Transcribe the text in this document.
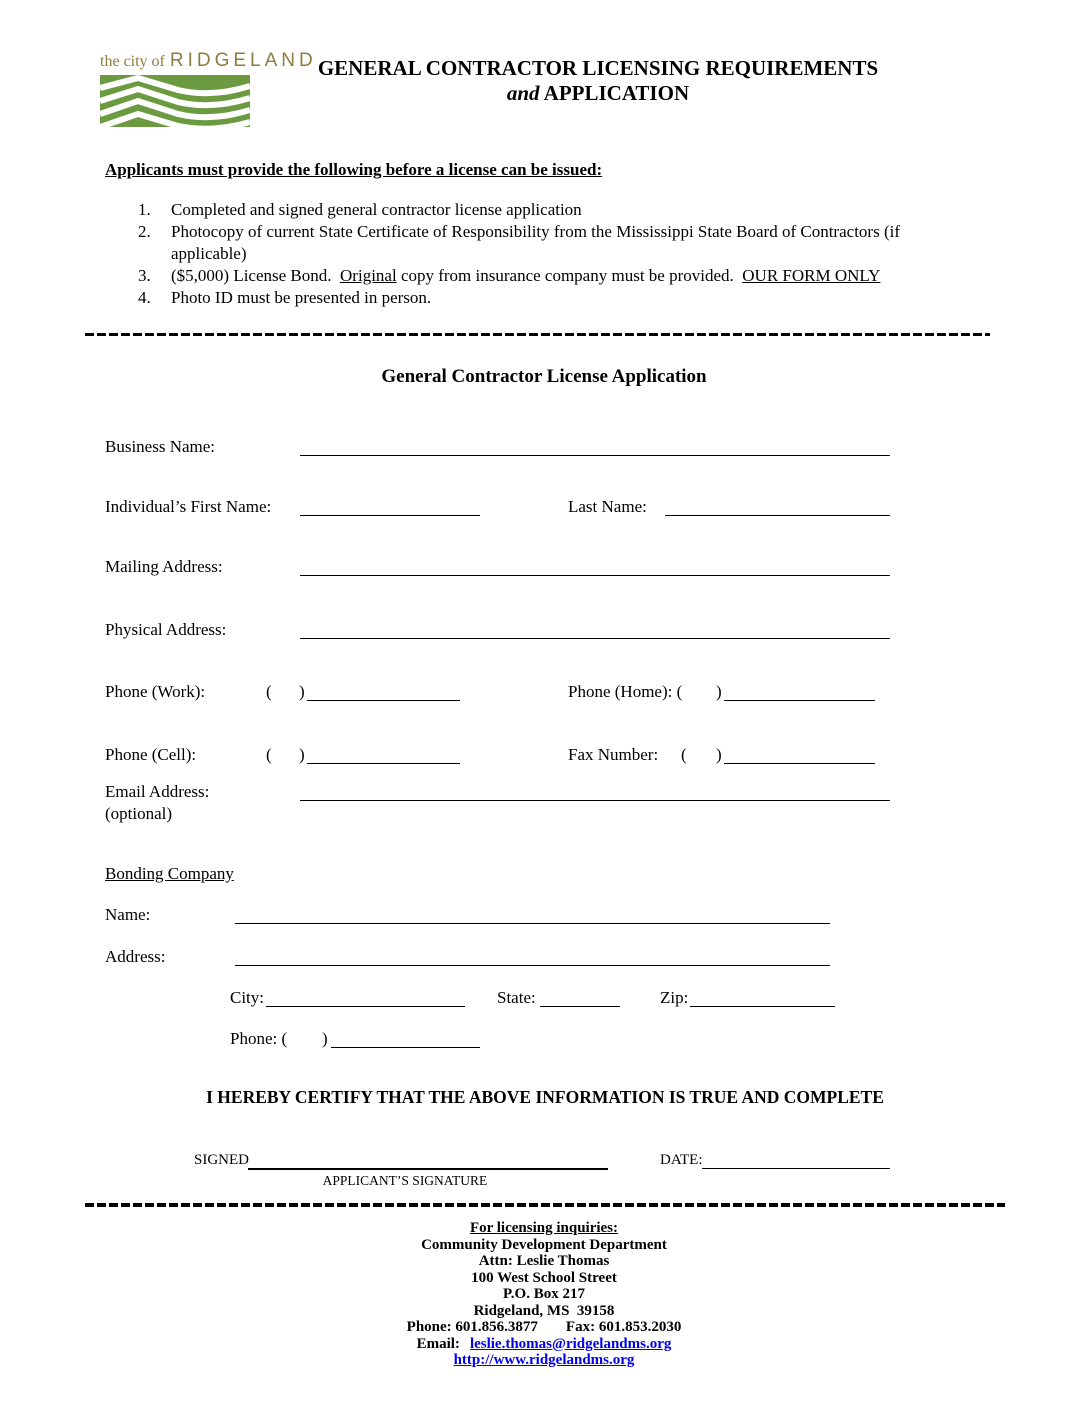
the city of RIDGELAND GENERAL CONTRACTOR LICENSING REQUIREMENTS
and APPLICATION
Applicants must provide the following before a license can be issued:
1.	Completed and signed general contractor license application
2.	Photocopy of current State Certificate of Responsibility from the Mississippi State Board of Contractors (if applicable)
3.	($5,000) License Bond.  Original copy from insurance company must be provided.  OUR FORM ONLY
4.	Photo ID must be presented in person.
General Contractor License Application
Business Name:
Individual’s First Name:	Last Name:
Mailing Address:
Physical Address:
Phone (Work):	( )	Phone (Home): ( )
Phone (Cell):	( )	Fax Number: ( )
Email Address:
(optional)
Bonding Company
Name:
Address:
City:	State:	Zip:
Phone: ( )
I HEREBY CERTIFY THAT THE ABOVE INFORMATION IS TRUE AND COMPLETE
SIGNED
APPLICANT’S SIGNATURE
DATE:
For licensing inquiries:
Community Development Department
Attn: Leslie Thomas
100 West School Street
P.O. Box 217
Ridgeland, MS  39158
Phone: 601.856.3877 Fax: 601.853.2030
Email: leslie.thomas@ridgelandms.org
http://www.ridgelandms.org
